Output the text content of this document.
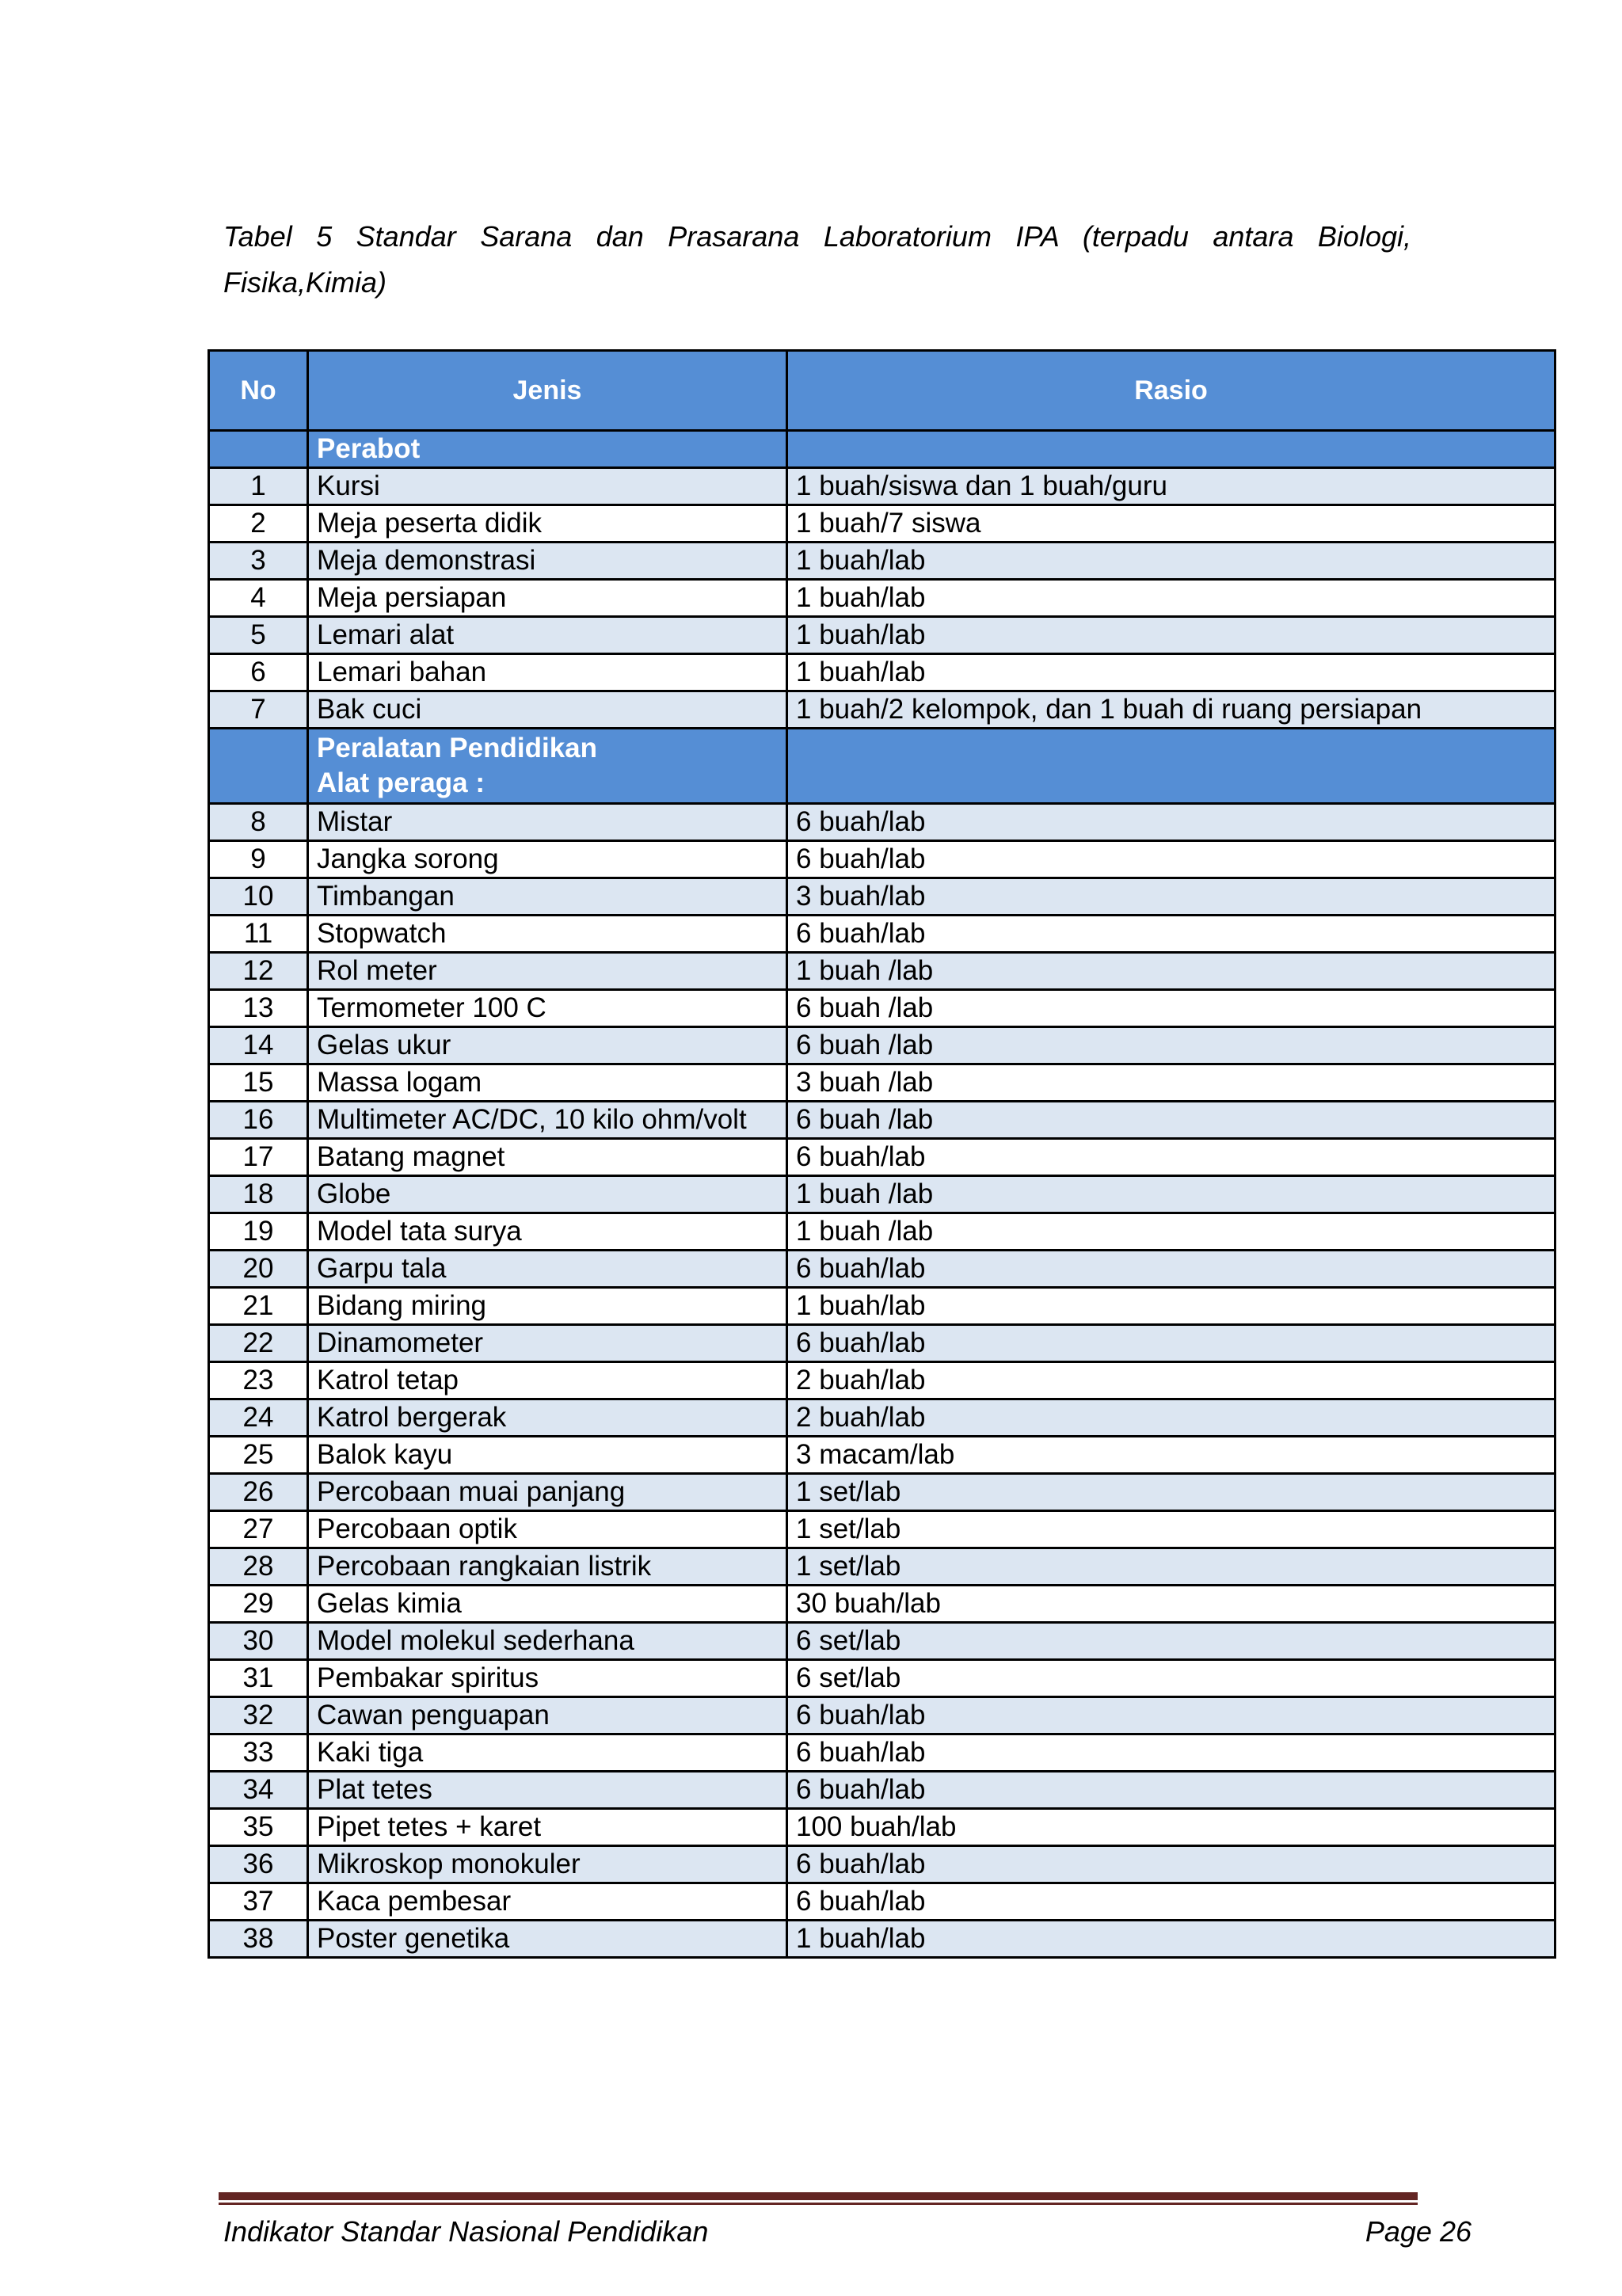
Tabel 5 Standar Sarana dan Prasarana Laboratorium IPA (terpadu antara Biologi, Fisika,Kimia)
No	Jenis	Rasio
	Perabot	
1	Kursi	1 buah/siswa dan 1 buah/guru
2	Meja peserta didik	1 buah/7 siswa
3	Meja demonstrasi	1 buah/lab
4	Meja persiapan	1 buah/lab
5	Lemari alat	1 buah/lab
6	Lemari bahan	1 buah/lab
7	Bak cuci	1 buah/2 kelompok, dan 1 buah di ruang persiapan

	Peralatan Pendidikan
Alat peraga :	

8	Mistar	6 buah/lab
9	Jangka sorong	6 buah/lab
10	Timbangan	3 buah/lab
11	Stopwatch	6 buah/lab
12	Rol meter	1 buah /lab
13	Termometer 100 C	6 buah /lab
14	Gelas ukur	6 buah /lab
15	Massa logam	3 buah /lab
16	Multimeter AC/DC, 10 kilo ohm/volt	6 buah /lab
17	Batang magnet	6 buah/lab
18	Globe	1 buah /lab
19	Model tata surya	1 buah /lab
20	Garpu tala	6 buah/lab
21	Bidang miring	1 buah/lab
22	Dinamometer	6 buah/lab
23	Katrol tetap	2 buah/lab
24	Katrol bergerak	2 buah/lab
25	Balok kayu	3 macam/lab
26	Percobaan muai panjang	1 set/lab
27	Percobaan optik	1 set/lab
28	Percobaan rangkaian listrik	1 set/lab
29	Gelas kimia	30 buah/lab
30	Model molekul sederhana	6 set/lab
31	Pembakar spiritus	6 set/lab
32	Cawan penguapan	6 buah/lab
33	Kaki tiga	6 buah/lab
34	Plat tetes	6 buah/lab
35	Pipet tetes + karet	100 buah/lab
36	Mikroskop monokuler	6 buah/lab
37	Kaca pembesar	6 buah/lab
38	Poster genetika	1 buah/lab
Indikator Standar Nasional Pendidikan	Page 26
